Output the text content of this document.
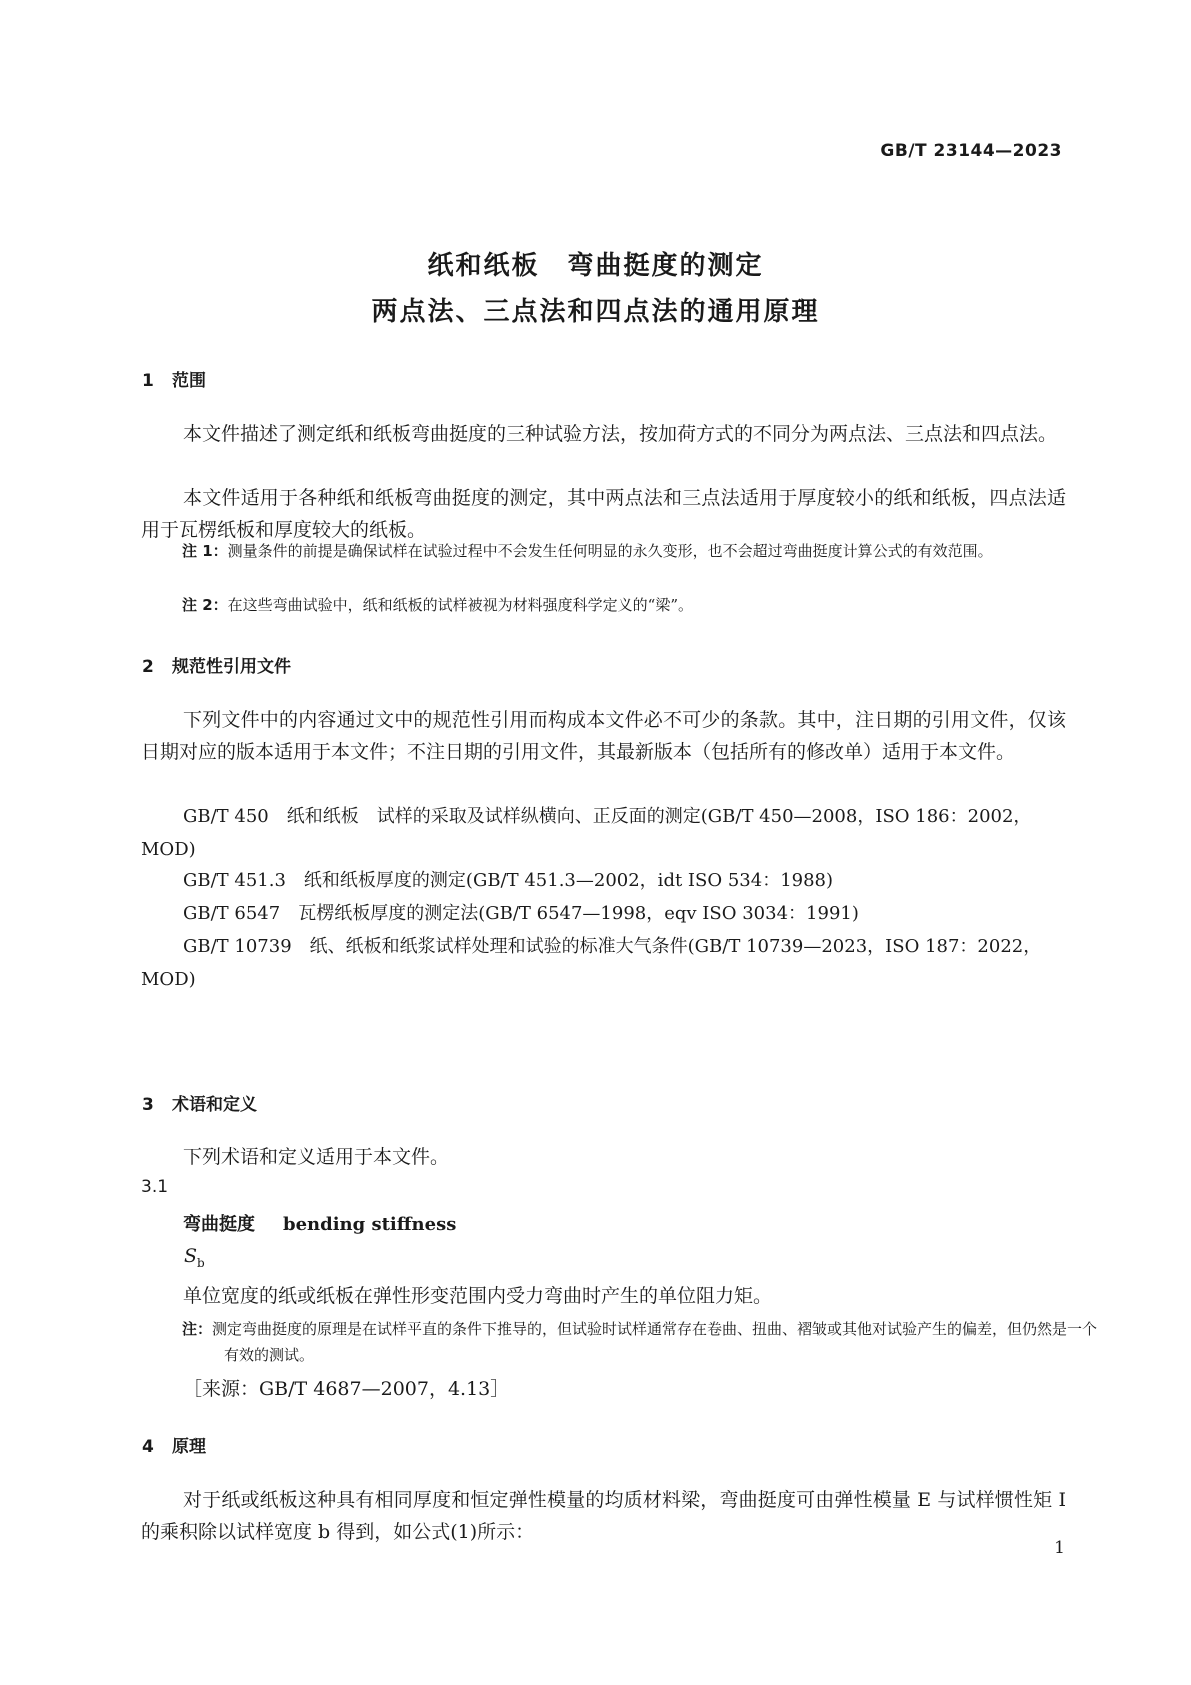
GB/T 23144—2023
纸和纸板　弯曲挺度的测定
两点法、三点法和四点法的通用原理
1 范围

本文件描述了测定纸和纸板弯曲挺度的三种试验方法，按加荷方式的不同分为两点法、三点法和四点法。

本文件适用于各种纸和纸板弯曲挺度的测定，其中两点法和三点法适用于厚度较小的纸和纸板，四点法适用于瓦楞纸板和厚度较大的纸板。

注 1：测量条件的前提是确保试样在试验过程中不会发生任何明显的永久变形，也不会超过弯曲挺度计算公式的有效范围。

注 2：在这些弯曲试验中，纸和纸板的试样被视为材料强度科学定义的“梁”。

2 规范性引用文件

下列文件中的内容通过文中的规范性引用而构成本文件必不可少的条款。其中，注日期的引用文件，仅该日期对应的版本适用于本文件；不注日期的引用文件，其最新版本（包括所有的修改单）适用于本文件。

GB/T 450　纸和纸板　试样的采取及试样纵横向、正反面的测定(GB/T 450—2008，ISO 186：2002，MOD)

GB/T 451.3　纸和纸板厚度的测定(GB/T 451.3—2002，idt ISO 534：1988)

GB/T 6547　瓦楞纸板厚度的测定法(GB/T 6547—1998，eqv ISO 3034：1991)

GB/T 10739　纸、纸板和纸浆试样处理和试验的标准大气条件(GB/T 10739—2023，ISO 187：2022，MOD)

3 术语和定义
下列术语和定义适用于本文件。
3.1
弯曲挺度 bending stiffness
$S_b$
单位宽度的纸或纸板在弹性形变范围内受力弯曲时产生的单位阻力矩。

注：测定弯曲挺度的原理是在试样平直的条件下推导的，但试验时试样通常存在卷曲、扭曲、褶皱或其他对试验产生的偏差，但仍然是一个有效的测试。

［来源：GB/T 4687—2007，4.13］
4 原理

对于纸或纸板这种具有相同厚度和恒定弹性模量的均质材料梁，弯曲挺度可由弹性模量 E 与试样惯性矩 I 的乘积除以试样宽度 b 得到，如公式(1)所示：

1
